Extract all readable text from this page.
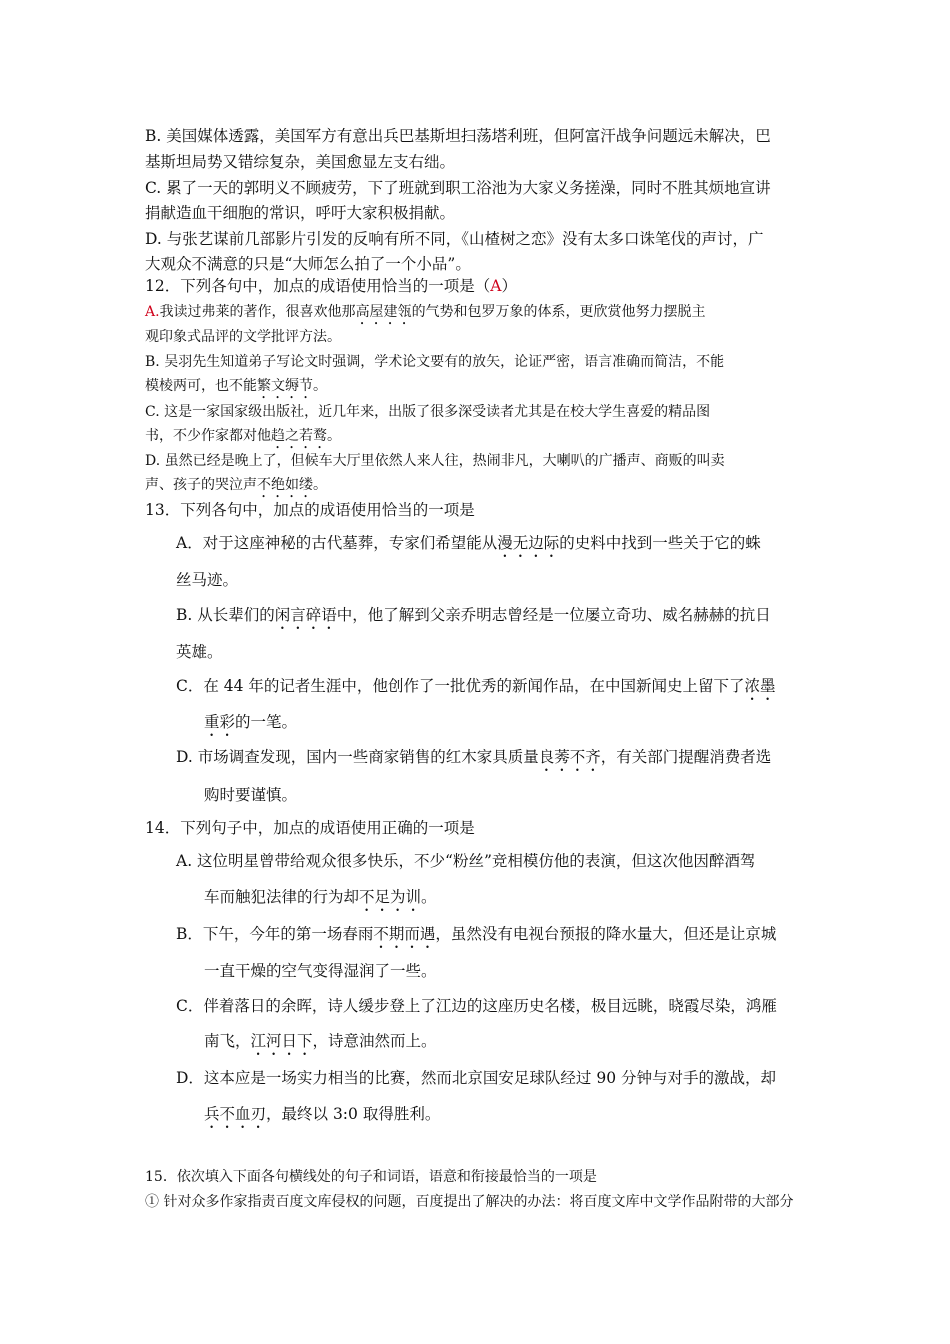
B. 美国媒体透露，美国军方有意出兵巴基斯坦扫荡塔利班，但阿富汗战争问题远未解决，巴
基斯坦局势又错综复杂，美国愈显左支右绌。
C. 累了一天的郭明义不顾疲劳，下了班就到职工浴池为大家义务搓澡，同时不胜其烦地宣讲
捐献造血干细胞的常识，呼吁大家积极捐献。
D. 与张艺谋前几部影片引发的反响有所不同，《山楂树之恋》没有太多口诛笔伐的声讨，广
大观众不满意的只是“大师怎么拍了一个小品”。
12．下列各句中，加点的成语使用恰当的一项是（A）
A.我读过弗莱的著作，很喜欢他那高屋建瓴的气势和包罗万象的体系，更欣赏他努力摆脱主
观印象式品评的文学批评方法。
B. 吴羽先生知道弟子写论文时强调，学术论文要有的放矢，论证严密，语言准确而简洁，不能
模棱两可，也不能繁文缛节。
C. 这是一家国家级出版社，近几年来，出版了很多深受读者尤其是在校大学生喜爱的精品图
书，不少作家都对他趋之若鹜。
D. 虽然已经是晚上了，但候车大厅里依然人来人往，热闹非凡，大喇叭的广播声、商贩的叫卖
声、孩子的哭泣声不绝如缕。
13．下列各句中，加点的成语使用恰当的一项是
A．对于这座神秘的古代墓葬，专家们希望能从漫无边际的史料中找到一些关于它的蛛
丝马迹。
B. 从长辈们的闲言碎语中，他了解到父亲乔明志曾经是一位屡立奇功、威名赫赫的抗日
英雄。
C．在 44 年的记者生涯中，他创作了一批优秀的新闻作品，在中国新闻史上留下了浓墨
重彩的一笔。
D. 市场调查发现，国内一些商家销售的红木家具质量良莠不齐，有关部门提醒消费者选
购时要谨慎。
14．下列句子中，加点的成语使用正确的一项是
A. 这位明星曾带给观众很多快乐，不少“粉丝”竞相模仿他的表演，但这次他因醉酒驾
车而触犯法律的行为却不足为训。
B．下午，今年的第一场春雨不期而遇，虽然没有电视台预报的降水量大，但还是让京城
一直干燥的空气变得湿润了一些。
C．伴着落日的余晖，诗人缓步登上了江边的这座历史名楼，极目远眺，晓霞尽染，鸿雁
南飞，江河日下，诗意油然而上。
D．这本应是一场实力相当的比赛，然而北京国安足球队经过 90 分钟与对手的激战，却
兵不血刃，最终以 3:0 取得胜利。
15．依次填入下面各句横线处的句子和词语，语意和衔接最恰当的一项是
① 针对众多作家指责百度文库侵权的问题，百度提出了解决的办法：将百度文库中文学作品附带的大部分
